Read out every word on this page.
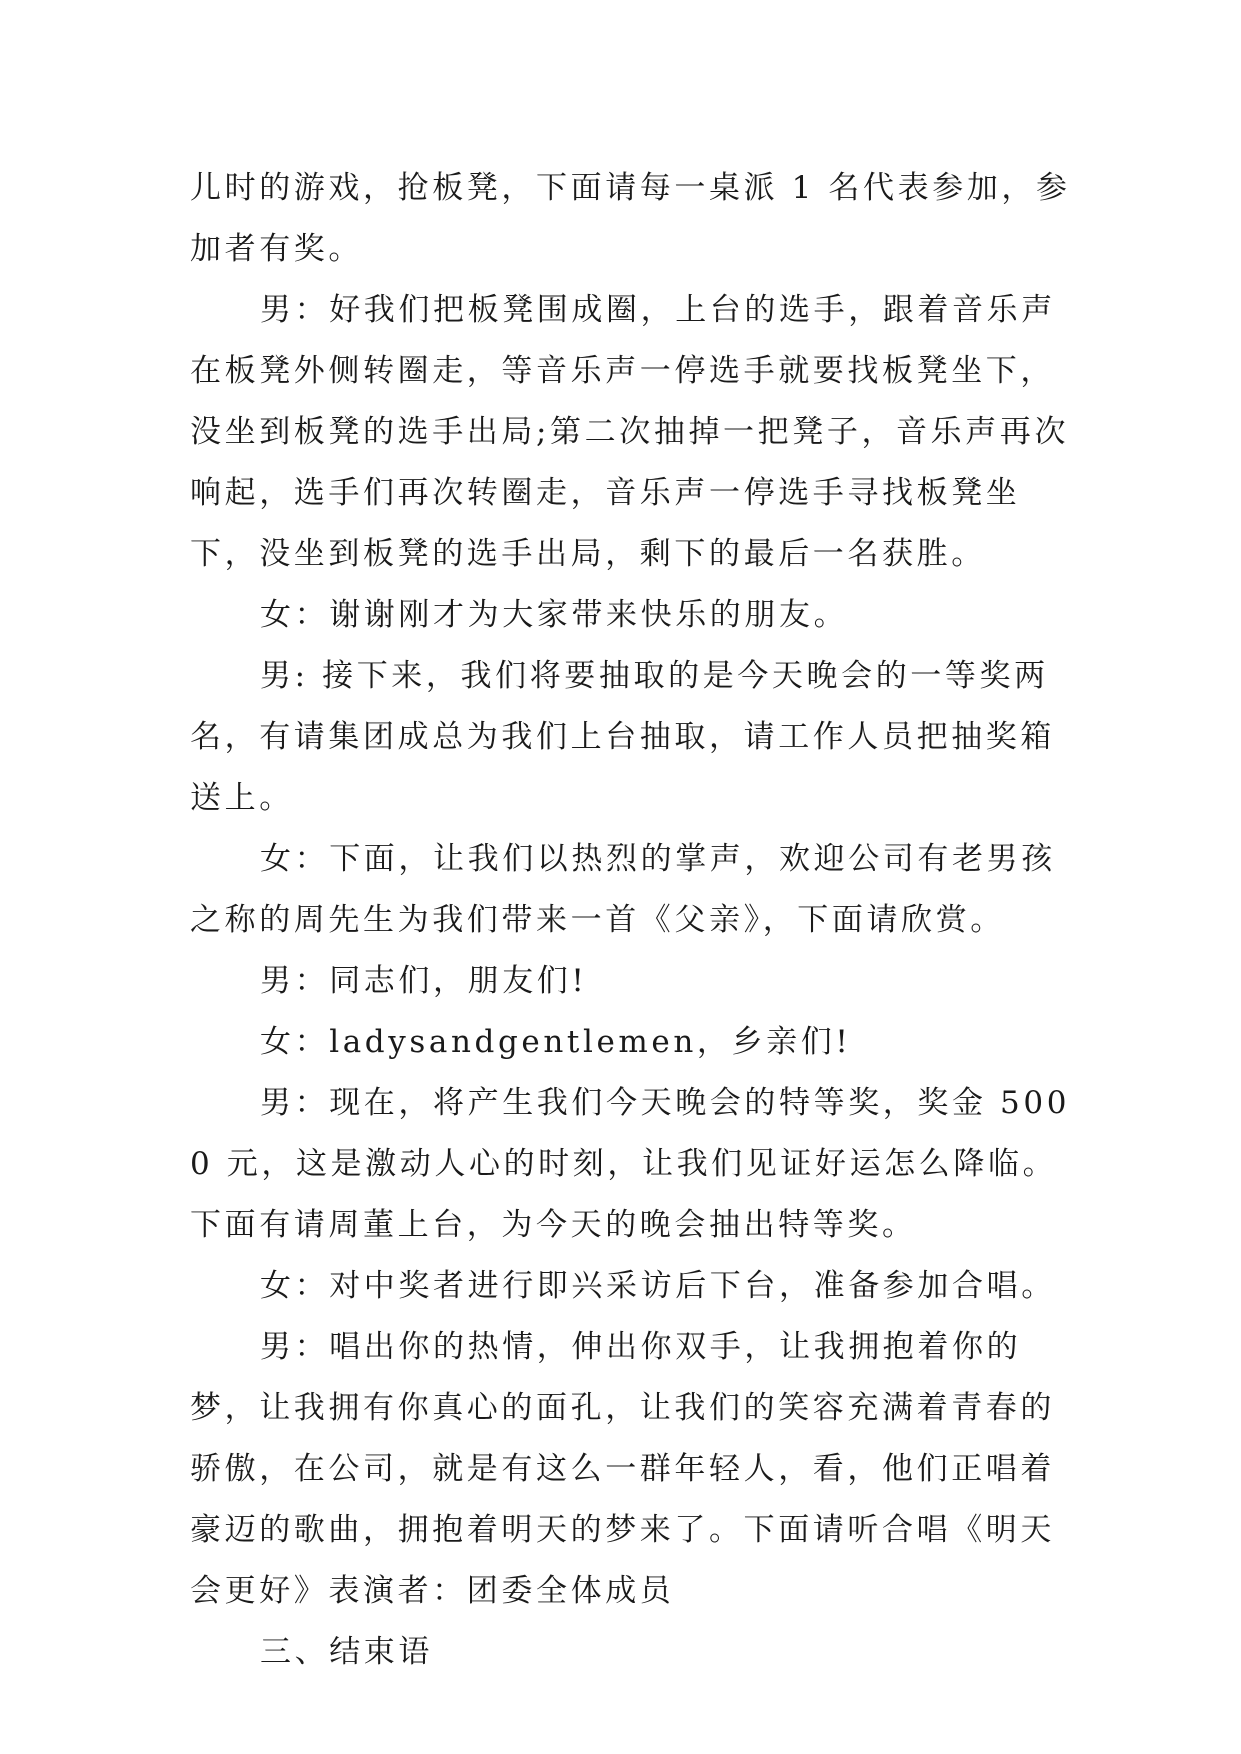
儿时的游戏，抢板凳，下面请每一桌派 1 名代表参加，参加者有奖。

男：好我们把板凳围成圈，上台的选手，跟着音乐声在板凳外侧转圈走，等音乐声一停选手就要找板凳坐下，没坐到板凳的选手出局;第二次抽掉一把凳子，音乐声再次响起，选手们再次转圈走，音乐声一停选手寻找板凳坐下，没坐到板凳的选手出局，剩下的最后一名获胜。

女：谢谢刚才为大家带来快乐的朋友。

男: 接下来，我们将要抽取的是今天晚会的一等奖两名，有请集团成总为我们上台抽取，请工作人员把抽奖箱送上。

女：下面，让我们以热烈的掌声，欢迎公司有老男孩之称的周先生为我们带来一首《父亲》，下面请欣赏。

男：同志们，朋友们!

女：ladysandgentlemen，乡亲们!

男：现在，将产生我们今天晚会的特等奖，奖金 5000 元，这是激动人心的时刻，让我们见证好运怎么降临。下面有请周董上台，为今天的晚会抽出特等奖。

女：对中奖者进行即兴采访后下台，准备参加合唱。

男：唱出你的热情，伸出你双手，让我拥抱着你的梦，让我拥有你真心的面孔，让我们的笑容充满着青春的骄傲，在公司，就是有这么一群年轻人，看，他们正唱着豪迈的歌曲，拥抱着明天的梦来了。下面请听合唱《明天会更好》表演者：团委全体成员

三、结束语
